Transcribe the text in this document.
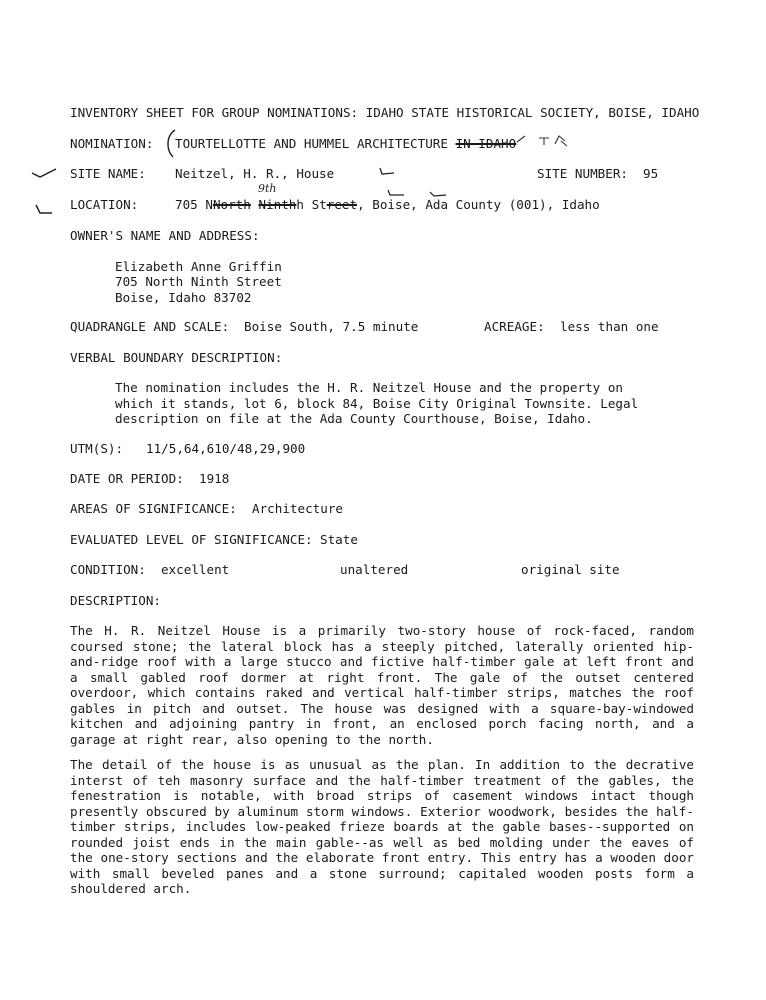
INVENTORY SHEET FOR GROUP NOMINATIONS: IDAHO STATE HISTORICAL SOCIETY, BOISE, IDAHO
NOMINATION: TOURTELLOTTE AND HUMMEL ARCHITECTURE IN IDAHO
SITE NAME: Neitzel, H. R., House	SITE NUMBER: 95
9th
LOCATION:	705 NNorth Ninthh Street, Boise, Ada County (001), Idaho
OWNER'S NAME AND ADDRESS:
Elizabeth Anne Griffin
705 North Ninth Street
Boise, Idaho 83702
QUADRANGLE AND SCALE: Boise South, 7.5 minute	ACREAGE: less than one
VERBAL BOUNDARY DESCRIPTION:
The nomination includes the H. R. Neitzel House and the property on which it stands, lot 6, block 84, Boise City Original Townsite. Legal description on file at the Ada County Courthouse, Boise, Idaho.
UTM(S): 11/5,64,610/48,29,900
DATE OR PERIOD: 1918
AREAS OF SIGNIFICANCE: Architecture
EVALUATED LEVEL OF SIGNIFICANCE: State
CONDITION: excellent	unaltered	original site
DESCRIPTION:
The H. R. Neitzel House is a primarily two-story house of rock-faced, random coursed stone; the lateral block has a steeply pitched, laterally oriented hip-and-ridge roof with a large stucco and fictive half-timber gale at left front and a small gabled roof dormer at right front. The gale of the outset centered overdoor, which contains raked and vertical half-timber strips, matches the roof gables in pitch and outset. The house was designed with a square-bay-windowed kitchen and adjoining pantry in front, an enclosed porch facing north, and a garage at right rear, also opening to the north.
The detail of the house is as unusual as the plan. In addition to the decrative interst of teh masonry surface and the half-timber treatment of the gables, the fenestration is notable, with broad strips of casement windows intact though presently obscured by aluminum storm windows. Exterior woodwork, besides the half-timber strips, includes low-peaked frieze boards at the gable bases--supported on rounded joist ends in the main gable--as well as bed molding under the eaves of the one-story sections and the elaborate front entry. This entry has a wooden door with small beveled panes and a stone surround; capitaled wooden posts form a shouldered arch.
